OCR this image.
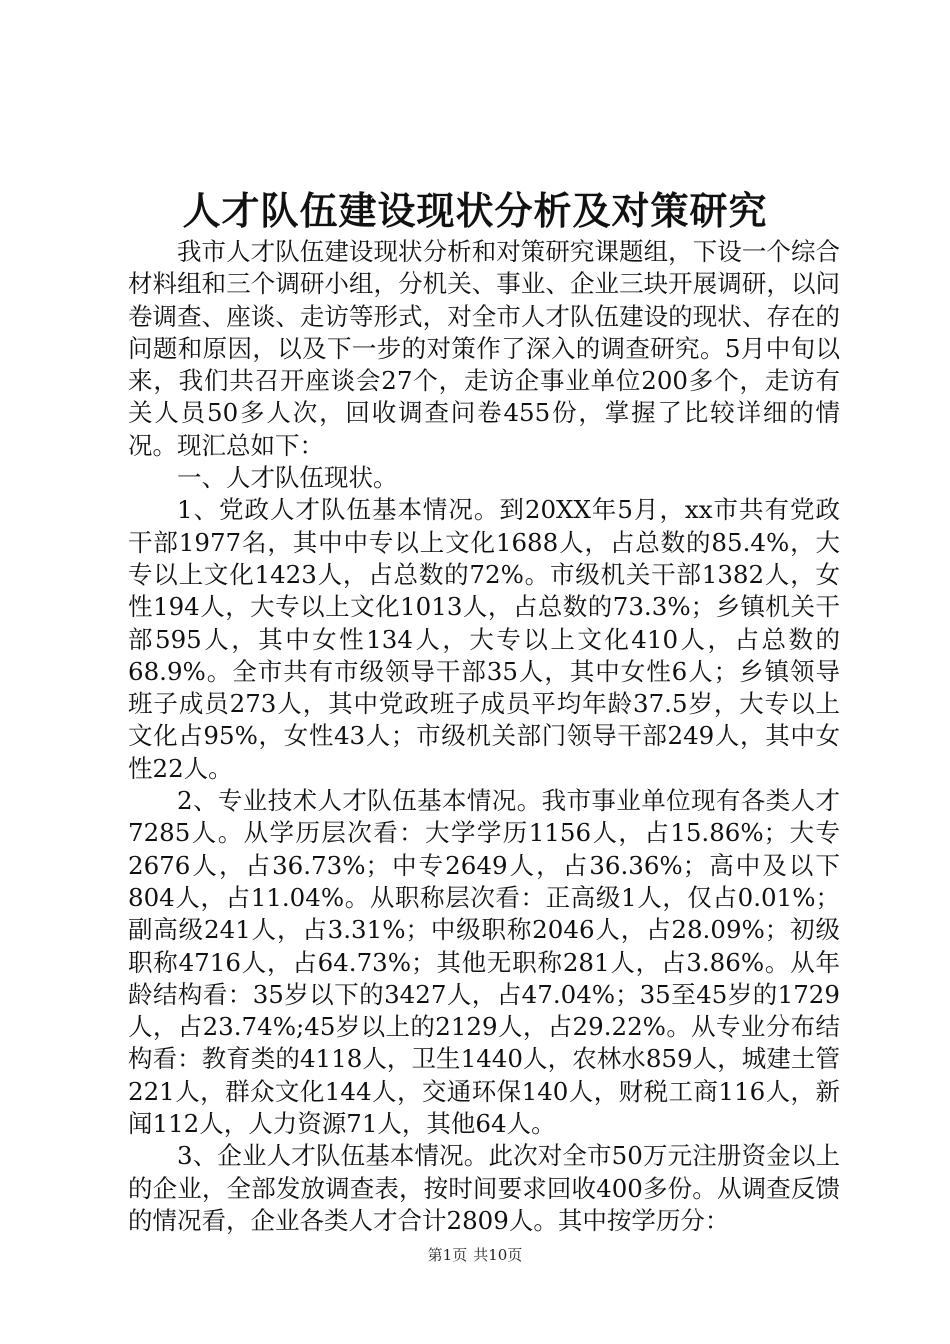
人才队伍建设现状分析及对策研究

我市人才队伍建设现状分析和对策研究课题组，下设一个综合材料组和三个调研小组，分机关、事业、企业三块开展调研，以问卷调查、座谈、走访等形式，对全市人才队伍建设的现状、存在的问题和原因，以及下一步的对策作了深入的调查研究。5月中旬以来，我们共召开座谈会27个，走访企事业单位200多个，走访有关人员50多人次，回收调查问卷455份，掌握了比较详细的情况。现汇总如下：

一、人才队伍现状。

1、党政人才队伍基本情况。到20XX年5月，xx市共有党政干部1977名，其中中专以上文化1688人，占总数的85.4%，大专以上文化1423人，占总数的72%。市级机关干部1382人，女性194人，大专以上文化1013人，占总数的73.3%；乡镇机关干部595人，其中女性134人，大专以上文化410人，占总数的68.9%。全市共有市级领导干部35人，其中女性6人；乡镇领导班子成员273人，其中党政班子成员平均年龄37.5岁，大专以上文化占95%，女性43人；市级机关部门领导干部249人，其中女性22人。

2、专业技术人才队伍基本情况。我市事业单位现有各类人才7285人。从学历层次看：大学学历1156人，占15.86%；大专2676人，占36.73%；中专2649人，占36.36%；高中及以下804人，占11.04%。从职称层次看：正高级1人，仅占0.01%；副高级241人，占3.31%；中级职称2046人，占28.09%；初级职称4716人，占64.73%；其他无职称281人，占3.86%。从年龄结构看：35岁以下的3427人，占47.04%；35至45岁的1729人，占23.74%;45岁以上的2129人，占29.22%。从专业分布结构看：教育类的4118人，卫生1440人，农林水859人，城建土管221人，群众文化144人，交通环保140人，财税工商116人，新闻112人，人力资源71人，其他64人。

3、企业人才队伍基本情况。此次对全市50万元注册资金以上的企业，全部发放调查表，按时间要求回收400多份。从调查反馈的情况看，企业各类人才合计2809人。其中按学历分：

第1页 共10页
